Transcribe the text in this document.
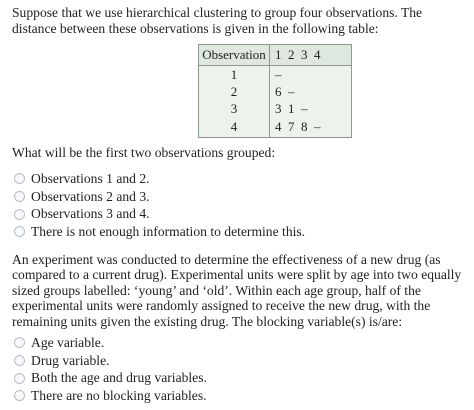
Suppose that we use hierarchical clustering to group four observations. The distance between these observations is given in the following table:
Observation	1  2  3  4
1	–
2	6  –
3	3  1  –
4	4  7  8  –
What will be the first two observations grouped:
Observations 1 and 2.
Observations 2 and 3.
Observations 3 and 4.
There is not enough information to determine this.
An experiment was conducted to determine the effectiveness of a new drug (as compared to a current drug). Experimental units were split by age into two equally sized groups labelled: ‘young’ and ‘old’. Within each age group, half of the experimental units were randomly assigned to receive the new drug, with the remaining units given the existing drug. The blocking variable(s) is/are:
Age variable.
Drug variable.
Both the age and drug variables.
There are no blocking variables.
